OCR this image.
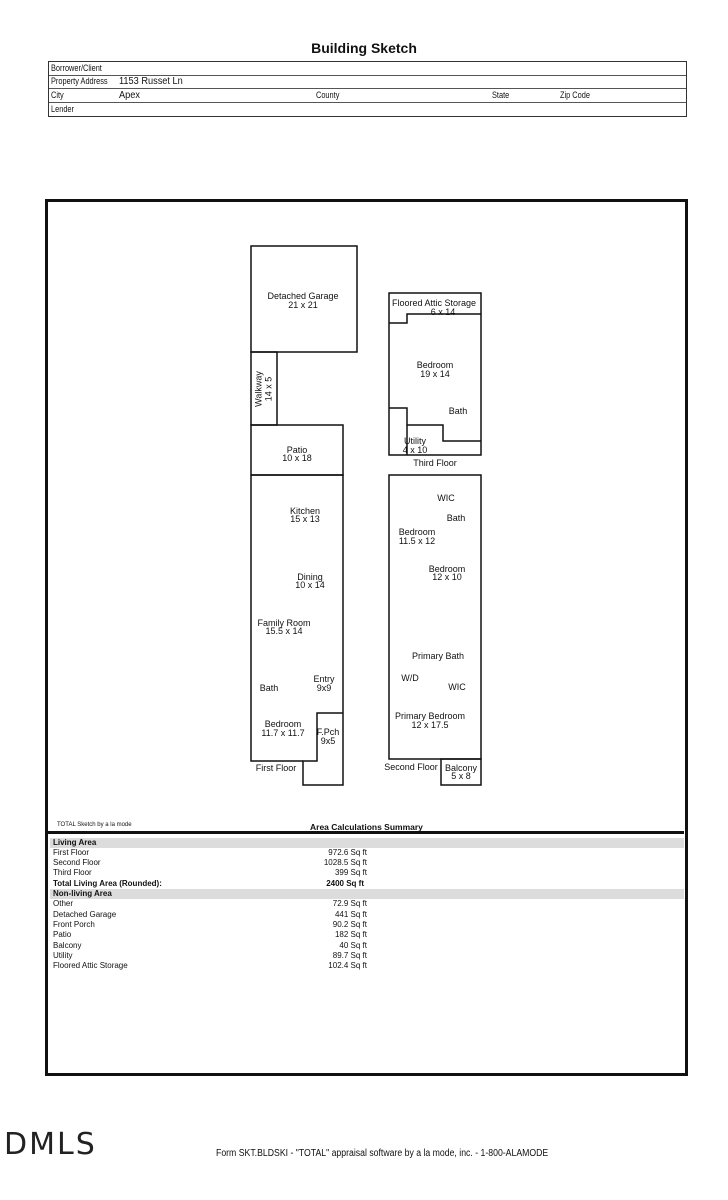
Building Sketch
Borrower/Client
Property Address 1153 Russet Ln
City	Apex	County	State	Zip Code
Lender
Detached Garage
21 x 21
Walkway 14 x 5
Patio
10 x 18
Kitchen
15 x 13
Dining
10 x 14
Family Room
15.5 x 14
Bath
Entry
9x9
Bedroom
11.7 x 11.7 F.Pch
9x5
First Floor
Floored Attic Storage
6 x 14
Bedroom
19 x 14
Bath
Utility
4 x 10
Third Floor
WIC
Bath
Bedroom
11.5 x 12
Bedroom
12 x 10
Primary Bath
W/D
WIC
Primary Bedroom
12 x 17.5
Second Floor Balcony
5 x 8
TOTAL Sketch by a la mode	Area Calculations Summary
Living Area
First Floor	972.6 Sq ft
Second Floor	1028.5 Sq ft
Third Floor	399 Sq ft
Total Living Area (Rounded):	2400 Sq ft
Non-living Area
Other	72.9 Sq ft
Detached Garage	441 Sq ft
Front Porch	90.2 Sq ft
Patio	182 Sq ft
Balcony	40 Sq ft
Utility	89.7 Sq ft
Floored Attic Storage	102.4 Sq ft
DMLS	Form SKT.BLDSKI - "TOTAL" appraisal software by a la mode, inc. - 1-800-ALAMODE
